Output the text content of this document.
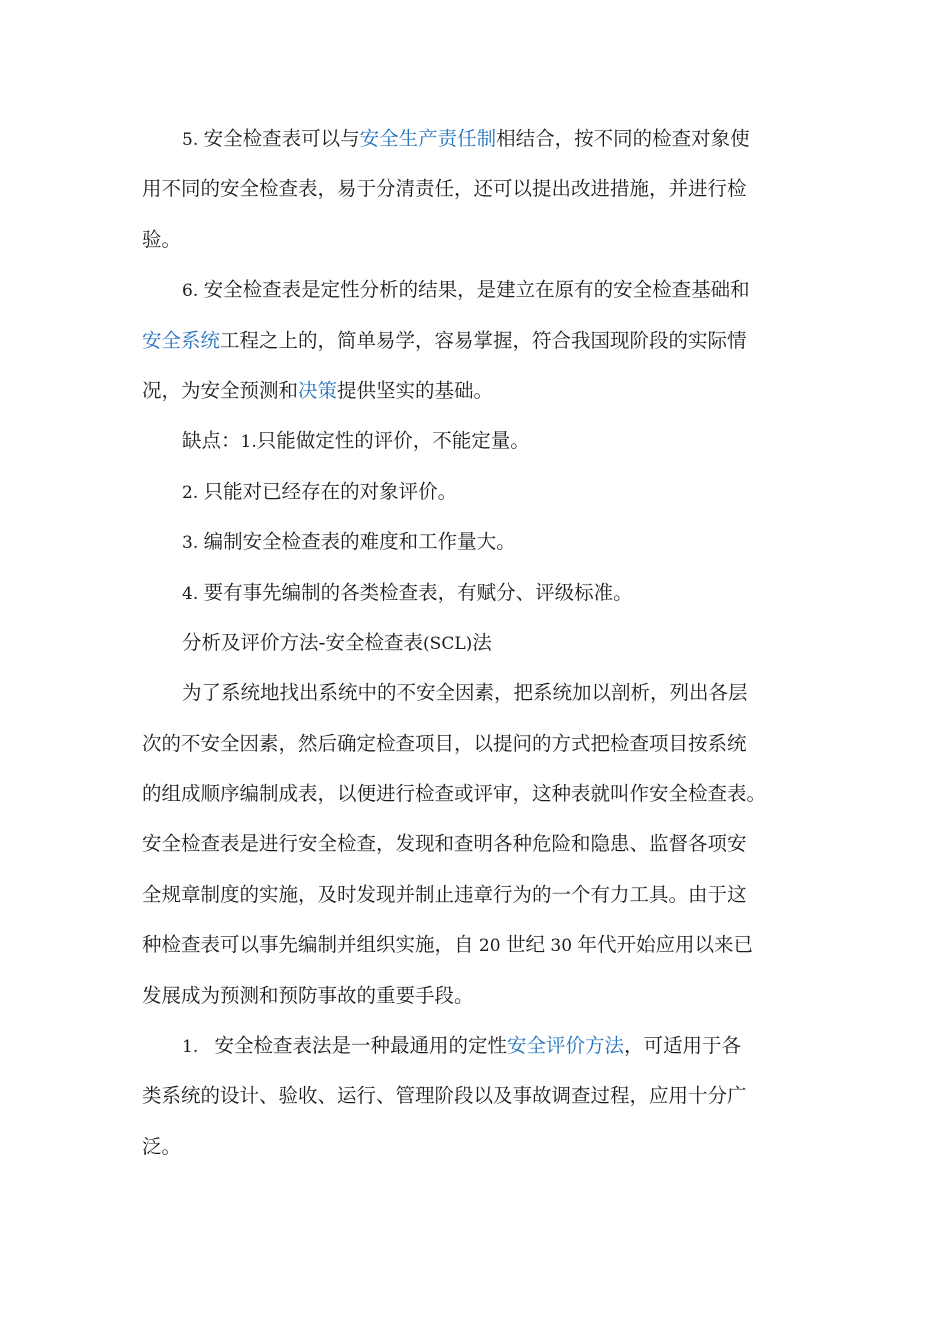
5. 安全检查表可以与安全生产责任制相结合，按不同的检查对象使
用不同的安全检查表，易于分清责任，还可以提出改进措施，并进行检
验。
6. 安全检查表是定性分析的结果，是建立在原有的安全检查基础和
安全系统工程之上的，简单易学，容易掌握，符合我国现阶段的实际情
况，为安全预测和决策提供坚实的基础。
缺点：1.只能做定性的评价，不能定量。
2. 只能对已经存在的对象评价。
3. 编制安全检查表的难度和工作量大。
4. 要有事先编制的各类检查表，有赋分、评级标准。
分析及评价方法-安全检查表(SCL)法
为了系统地找出系统中的不安全因素，把系统加以剖析，列出各层
次的不安全因素，然后确定检查项目，以提问的方式把检查项目按系统
的组成顺序编制成表，以便进行检查或评审，这种表就叫作安全检查表。
安全检查表是进行安全检查，发现和查明各种危险和隐患、监督各项安
全规章制度的实施，及时发现并制止违章行为的一个有力工具。由于这
种检查表可以事先编制并组织实施，自 20 世纪 30 年代开始应用以来已
发展成为预测和预防事故的重要手段。
1.   安全检查表法是一种最通用的定性安全评价方法，可适用于各
类系统的设计、验收、运行、管理阶段以及事故调查过程，应用十分广
泛。
